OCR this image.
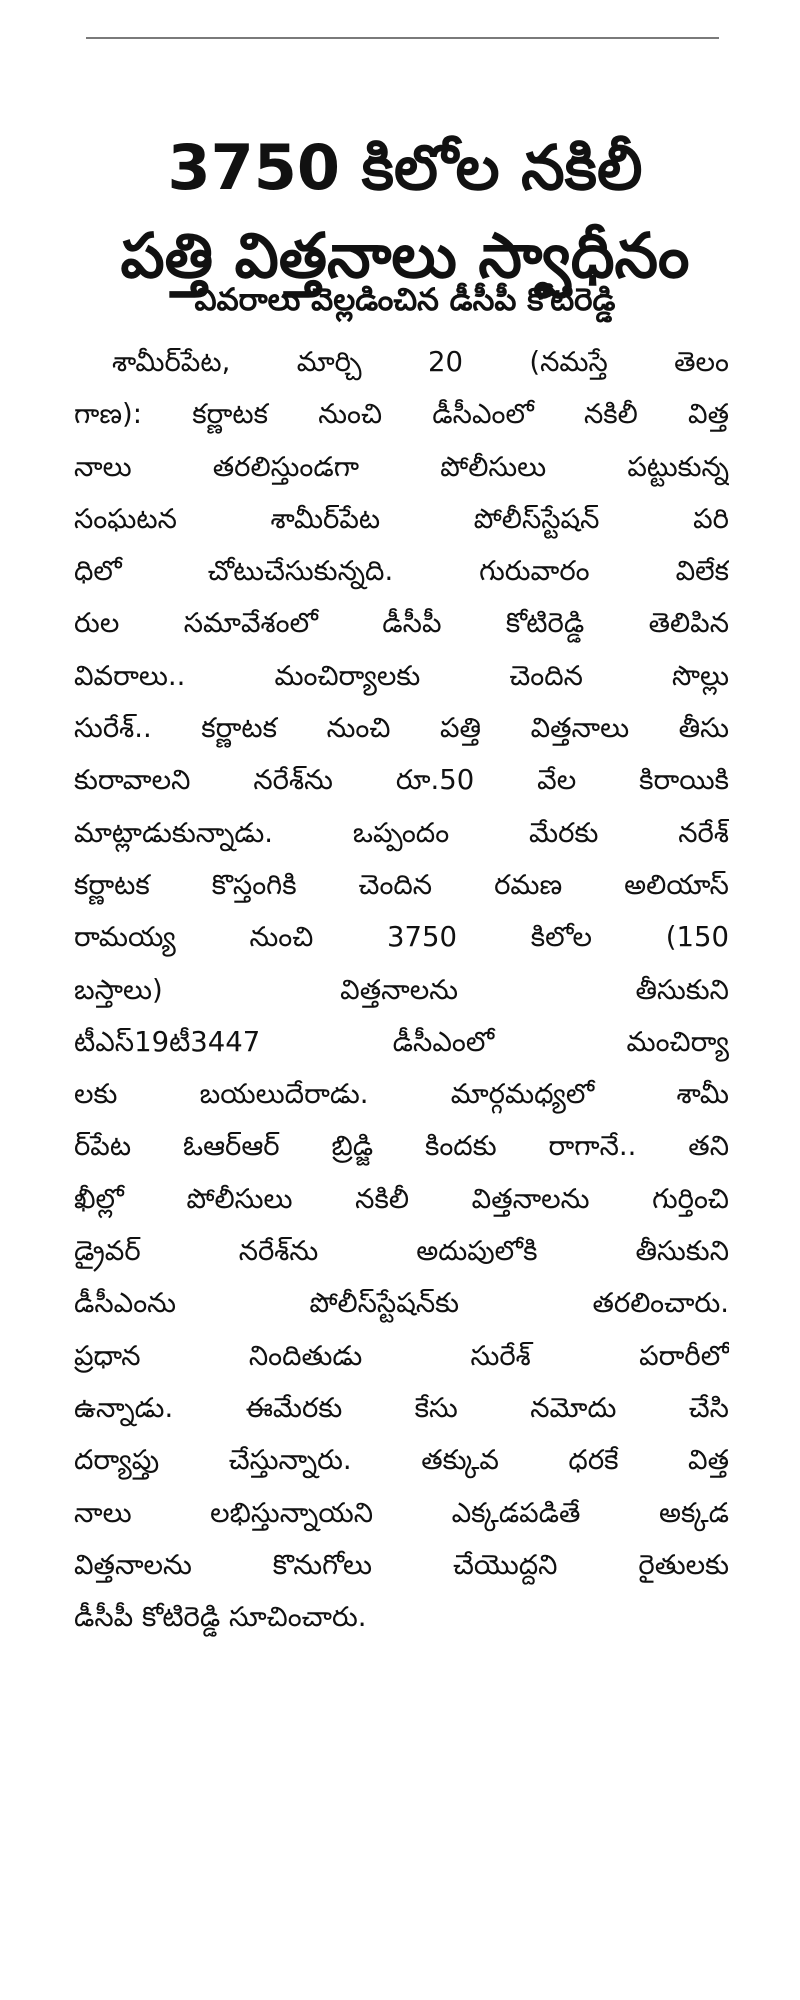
3750 కిలోల నకిలీ
పత్తి విత్తనాలు స్వాధీనం
వివరాలు వెల్లడించిన డీసీపీ కోటిరెడ్డి
శామీర్‌పేట, మార్చి 20 (నమస్తే తెలం
గాణ): కర్ణాటక నుంచి డీసీఎంలో నకిలీ విత్త
నాలు తరలిస్తుండగా పోలీసులు పట్టుకున్న
సంఘటన శామీర్‌పేట పోలీస్‌స్టేషన్ పరి
ధిలో చోటుచేసుకున్నది. గురువారం విలేక
రుల సమావేశంలో డీసీపీ కోటిరెడ్డి తెలిపిన
వివరాలు.. మంచిర్యాలకు చెందిన సొల్లు
సురేశ్.. కర్ణాటక నుంచి పత్తి విత్తనాలు తీసు
కురావాలని నరేశ్‌ను రూ.50 వేల కిరాయికి
మాట్లాడుకున్నాడు. ఒప్పందం మేరకు నరేశ్
కర్ణాటక కొస్తంగికి చెందిన రమణ అలియాస్
రామయ్య నుంచి 3750 కిలోల (150
బస్తాలు) విత్తనాలను తీసుకుని
టీఎస్19టీ3447 డీసీఎంలో మంచిర్యా
లకు బయలుదేరాడు. మార్గమధ్యలో శామీ
ర్‌పేట ఓఆర్ఆర్ బ్రిడ్జి కిందకు రాగానే.. తని
ఖీల్లో పోలీసులు నకిలీ విత్తనాలను గుర్తించి
డ్రైవర్ నరేశ్‌ను అదుపులోకి తీసుకుని
డీసీఎంను పోలీస్‌స్టేషన్‌కు తరలించారు.
ప్రధాన నిందితుడు సురేశ్ పరారీలో
ఉన్నాడు. ఈమేరకు కేసు నమోదు చేసి
దర్యాప్తు చేస్తున్నారు. తక్కువ ధరకే విత్త
నాలు లభిస్తున్నాయని ఎక్కడపడితే అక్కడ
విత్తనాలను కొనుగోలు చేయొద్దని రైతులకు
డీసీపీ కోటిరెడ్డి సూచించారు.
